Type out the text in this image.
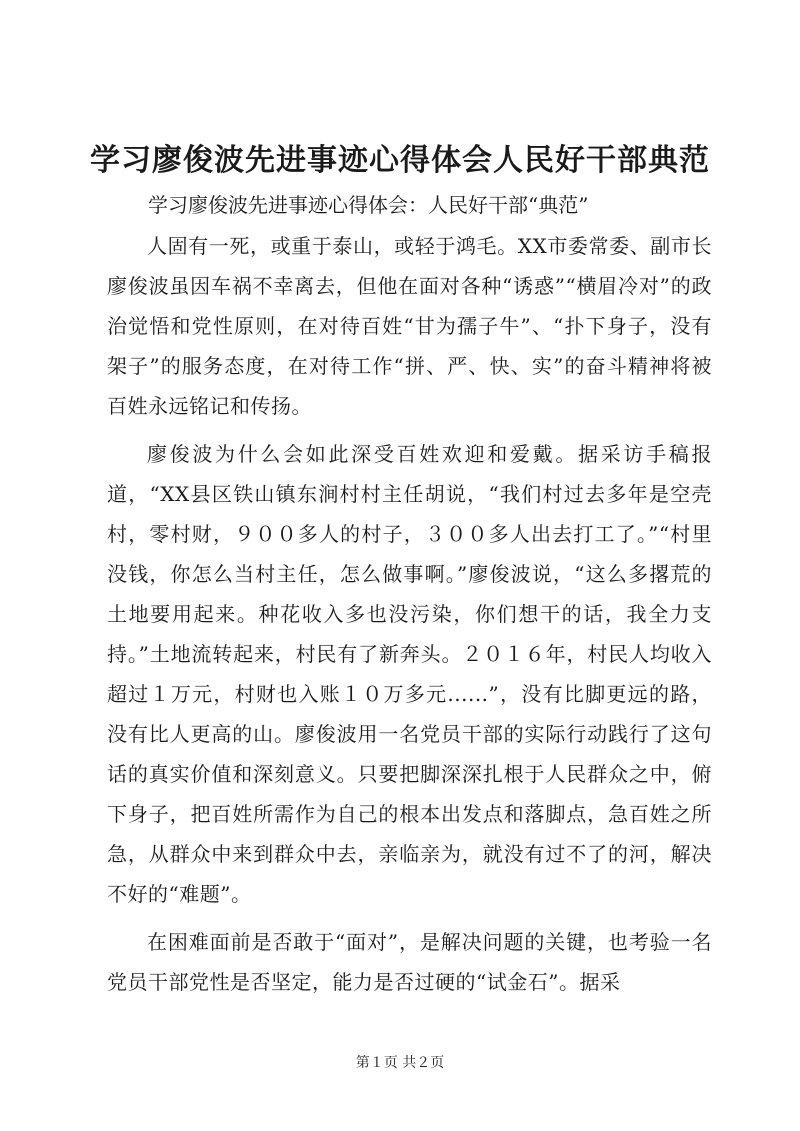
学习廖俊波先进事迹心得体会人民好干部典范
学习廖俊波先进事迹心得体会：人民好干部“典范”

人固有一死，或重于泰山，或轻于鸿毛。XX市委常委、副市长廖俊波虽因车祸不幸离去，但他在面对各种“诱惑”“横眉冷对”的政治觉悟和党性原则，在对待百姓“甘为孺子牛”、“扑下身子，没有架子”的服务态度，在对待工作“拼、严、快、实”的奋斗精神将被百姓永远铭记和传扬。

廖俊波为什么会如此深受百姓欢迎和爱戴。据采访手稿报道，“XX县区铁山镇东涧村村主任胡说，“我们村过去多年是空壳村，零村财，９００多人的村子，３００多人出去打工了。”“村里没钱，你怎么当村主任，怎么做事啊。”廖俊波说，“这么多撂荒的土地要用起来。种花收入多也没污染，你们想干的话，我全力支持。”土地流转起来，村民有了新奔头。２０１６年，村民人均收入超过１万元，村财也入账１０万多元......”，没有比脚更远的路，没有比人更高的山。廖俊波用一名党员干部的实际行动践行了这句话的真实价值和深刻意义。只要把脚深深扎根于人民群众之中，俯下身子，把百姓所需作为自己的根本出发点和落脚点，急百姓之所急，从群众中来到群众中去，亲临亲为，就没有过不了的河，解决不好的“难题”。

在困难面前是否敢于“面对”，是解决问题的关键，也考验一名党员干部党性是否坚定，能力是否过硬的“试金石”。据采

第１页 共２页
